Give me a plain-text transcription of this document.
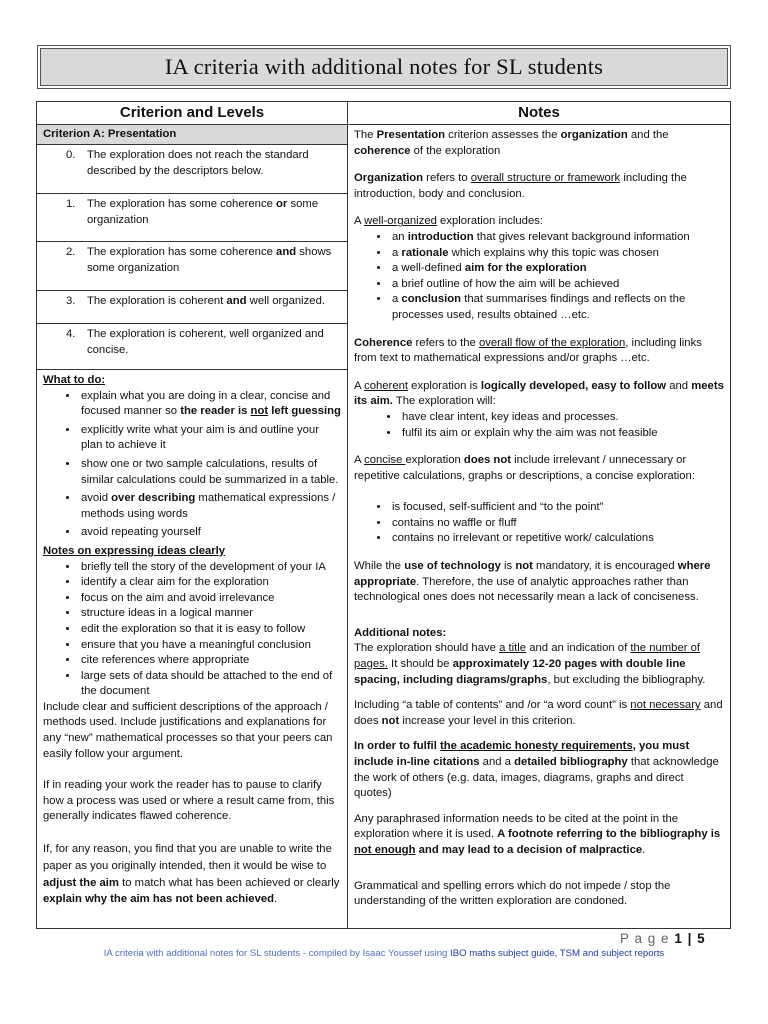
IA criteria with additional notes for SL students
Criterion and Levels
Criterion A: Presentation
0. The exploration does not reach the standard described by the descriptors below.
1. The exploration has some coherence or some organization
2. The exploration has some coherence and shows some organization
3. The exploration is coherent and well organized.
4. The exploration is coherent, well organized and concise.
What to do:
• explain what you are doing in a clear, concise and focused manner so the reader is not left guessing
• explicitly write what your aim is and outline your plan to achieve it
• show one or two sample calculations, results of similar calculations could be summarized in a table.
• avoid over describing mathematical expressions / methods using words
• avoid repeating yourself
Notes on expressing ideas clearly
• briefly tell the story of the development of your IA
• identify a clear aim for the exploration
• focus on the aim and avoid irrelevance
• structure ideas in a logical manner
• edit the exploration so that it is easy to follow
• ensure that you have a meaningful conclusion
• cite references where appropriate
• large sets of data should be attached to the end of the document

Include clear and sufficient descriptions of the approach / methods used. Include justifications and explanations for any “new” mathematical processes so that your peers can easily follow your argument.

If in reading your work the reader has to pause to clarify how a process was used or where a result came from, this generally indicates flawed coherence.

If, for any reason, you find that you are unable to write the paper as you originally intended, then it would be wise to adjust the aim to match what has been achieved or clearly explain why the aim has not been achieved.

Notes

The Presentation criterion assesses the organization and the coherence of the exploration

Organization refers to overall structure or framework including the introduction, body and conclusion.

A well-organized exploration includes:

• an introduction that gives relevant background information
• a rationale which explains why this topic was chosen
• a well-defined aim for the exploration
• a brief outline of how the aim will be achieved
• a conclusion that summarises findings and reflects on the processes used, results obtained …etc.

Coherence refers to the overall flow of the exploration, including links from text to mathematical expressions and/or graphs …etc.

A coherent exploration is logically developed, easy to follow and meets its aim. The exploration will:

• have clear intent, key ideas and processes.
• fulfil its aim or explain why the aim was not feasible

A concise exploration does not include irrelevant / unnecessary or repetitive calculations, graphs or descriptions, a concise exploration:

• is focused, self-sufficient and “to the point”
• contains no waffle or fluff
• contains no irrelevant or repetitive work/ calculations

While the use of technology is not mandatory, it is encouraged where appropriate. Therefore, the use of analytic approaches rather than technological ones does not necessarily mean a lack of conciseness.

Additional notes:

The exploration should have a title and an indication of the number of pages. It should be approximately 12-20 pages with double line spacing, including diagrams/graphs, but excluding the bibliography.

Including “a table of contents” and /or “a word count” is not necessary and does not increase your level in this criterion.

In order to fulfil the academic honesty requirements, you must include in-line citations and a detailed bibliography that acknowledge the work of others (e.g. data, images, diagrams, graphs and direct quotes)

Any paraphrased information needs to be cited at the point in the exploration where it is used. A footnote referring to the bibliography is not enough and may lead to a decision of malpractice.

Grammatical and spelling errors which do not impede / stop the understanding of the written exploration are condoned.

P a g e 1 | 5
IA criteria with additional notes for SL students - compiled by Isaac Youssef using IBO maths subject guide, TSM and subject reports
